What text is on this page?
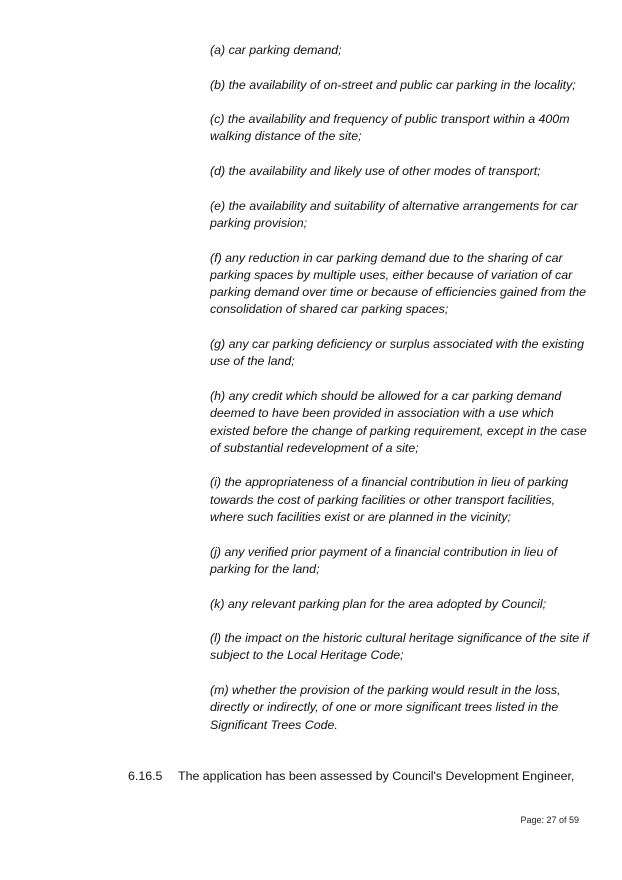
(a) car parking demand;
(b) the availability of on-street and public car parking in the locality;
(c) the availability and frequency of public transport within a 400m walking distance of the site;
(d) the availability and likely use of other modes of transport;
(e) the availability and suitability of alternative arrangements for car parking provision;
(f) any reduction in car parking demand due to the sharing of car parking spaces by multiple uses, either because of variation of car parking demand over time or because of efficiencies gained from the consolidation of shared car parking spaces;
(g) any car parking deficiency or surplus associated with the existing use of the land;
(h) any credit which should be allowed for a car parking demand deemed to have been provided in association with a use which existed before the change of parking requirement, except in the case of substantial redevelopment of a site;
(i) the appropriateness of a financial contribution in lieu of parking towards the cost of parking facilities or other transport facilities, where such facilities exist or are planned in the vicinity;
(j) any verified prior payment of a financial contribution in lieu of parking for the land;
(k) any relevant parking plan for the area adopted by Council;
(l) the impact on the historic cultural heritage significance of the site if subject to the Local Heritage Code;
(m) whether the provision of the parking would result in the loss, directly or indirectly, of one or more significant trees listed in the Significant Trees Code.
6.16.5 The application has been assessed by Council's Development Engineer,
Page: 27 of 59
